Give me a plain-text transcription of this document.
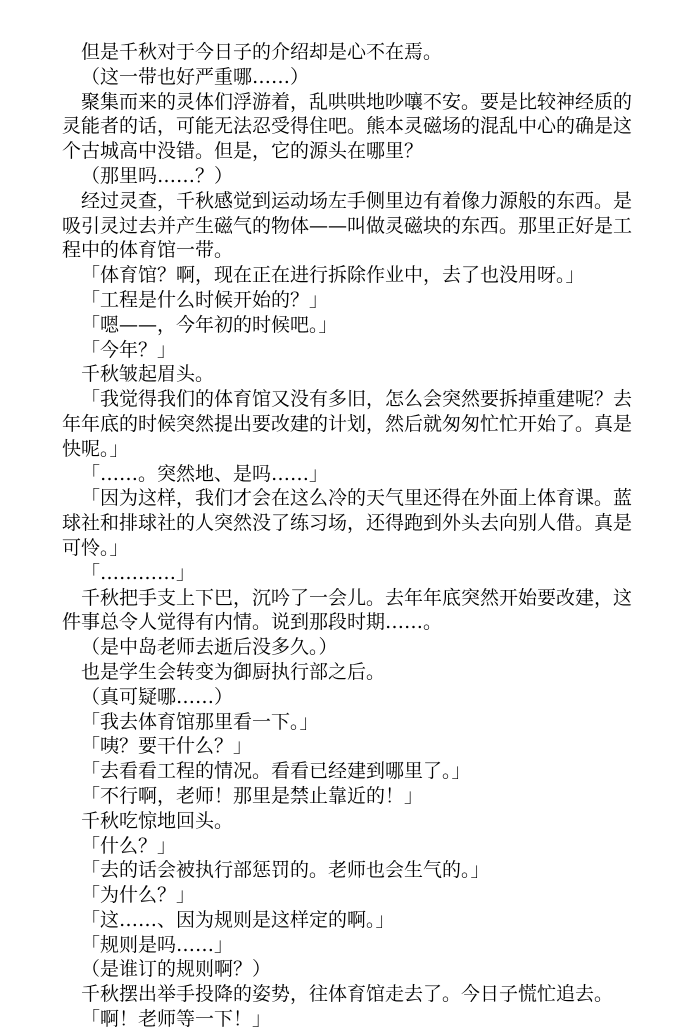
但是千秋对于今日子的介绍却是心不在焉。

（这一带也好严重哪……）

聚集而来的灵体们浮游着，乱哄哄地吵嚷不安。要是比较神经质的灵能者的话，可能无法忍受得住吧。熊本灵磁场的混乱中心的确是这个古城高中没错。但是，它的源头在哪里？

（那里吗……？）

经过灵查，千秋感觉到运动场左手侧里边有着像力源般的东西。是吸引灵过去并产生磁气的物体——叫做灵磁块的东西。那里正好是工程中的体育馆一带。

「体育馆？啊，现在正在进行拆除作业中，去了也没用呀。」

「工程是什么时候开始的？」

「嗯——，今年初的时候吧。」

「今年？」

千秋皱起眉头。

「我觉得我们的体育馆又没有多旧，怎么会突然要拆掉重建呢？去年年底的时候突然提出要改建的计划，然后就匆匆忙忙开始了。真是快呢。」

「……。突然地、是吗……」

「因为这样，我们才会在这么冷的天气里还得在外面上体育课。蓝球社和排球社的人突然没了练习场，还得跑到外头去向别人借。真是可怜。」

「…………」

千秋把手支上下巴，沉吟了一会儿。去年年底突然开始要改建，这件事总令人觉得有内情。说到那段时期……。

（是中岛老师去逝后没多久。）

也是学生会转变为御厨执行部之后。

（真可疑哪……）

「我去体育馆那里看一下。」

「咦？要干什么？」

「去看看工程的情况。看看已经建到哪里了。」

「不行啊，老师！那里是禁止靠近的！」

千秋吃惊地回头。

「什么？」

「去的话会被执行部惩罚的。老师也会生气的。」

「为什么？」

「这……、因为规则是这样定的啊。」

「规则是吗……」

（是谁订的规则啊？）

千秋摆出举手投降的姿势，往体育馆走去了。今日子慌忙追去。

「啊！老师等一下！」
